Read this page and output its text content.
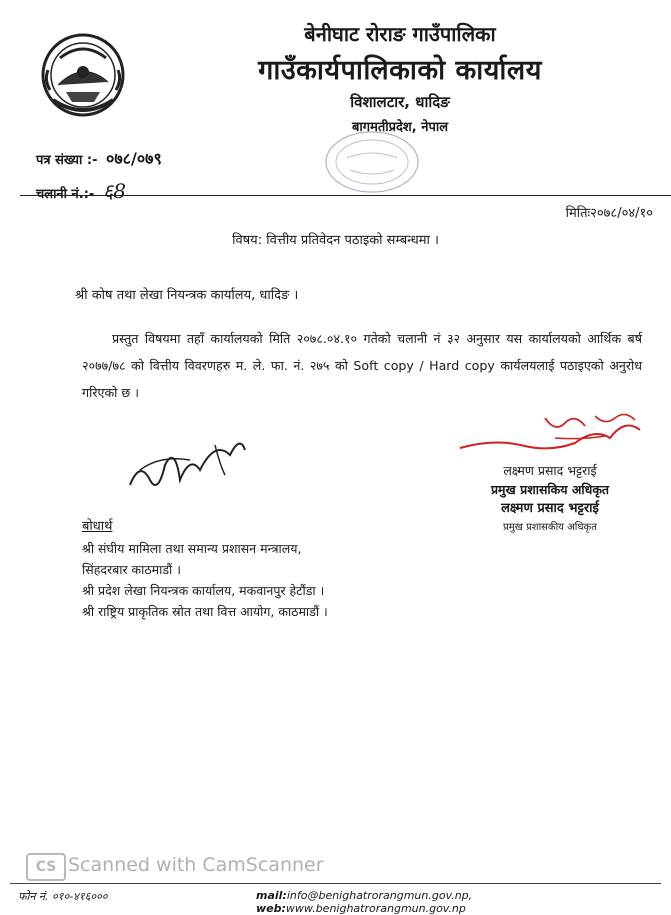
बेनीघाट रोराङ गाउँपालिका
गाउँकार्यपालिकाको कार्यालय
विशालटार, धादिङ
बागमतीप्रदेश, नेपाल
पत्र संख्या :- ०७८/०७९
चलानी नं.:- ६8
मितिः२०७८/०४/१०
विषय: वित्तीय प्रतिवेदन पठाइको सम्बन्धमा ।
श्री कोष तथा लेखा नियन्त्रक कार्यालय, धादिङ ।
प्रस्तुत विषयमा तहाँ कार्यालयको मिति २०७८.०४.१० गतेको चलानी नं ३२ अनुसार यस कार्यालयको आर्थिक बर्ष २०७७/७८ को वित्तीय विवरणहरु म. ले. फा. नं. २७५ को Soft copy / Hard copy कार्यलयलाई पठाइएको अनुरोध गरिएको छ ।
लक्ष्मण प्रसाद भट्टराई
प्रमुख प्रशासकिय अधिकृत
लक्ष्मण प्रसाद भट्टराई
प्रमुख प्रशासकीय अधिकृत
बोधार्थ
श्री संघीय मामिला तथा समान्य प्रशासन मन्त्रालय,
सिंहदरबार काठमाडौं ।
श्री प्रदेश लेखा नियन्त्रक कार्यालय, मकवानपुर हेटौंडा ।
श्री राष्ट्रिय प्राकृतिक स्रोत तथा वित्त आयोग, काठमाडौं ।
CS Scanned with CamScanner
फोन नं. ०१०-४१६०००	mail:info@benighatrorangmun.gov.np, web:www.benighatrorangmun.gov.np
